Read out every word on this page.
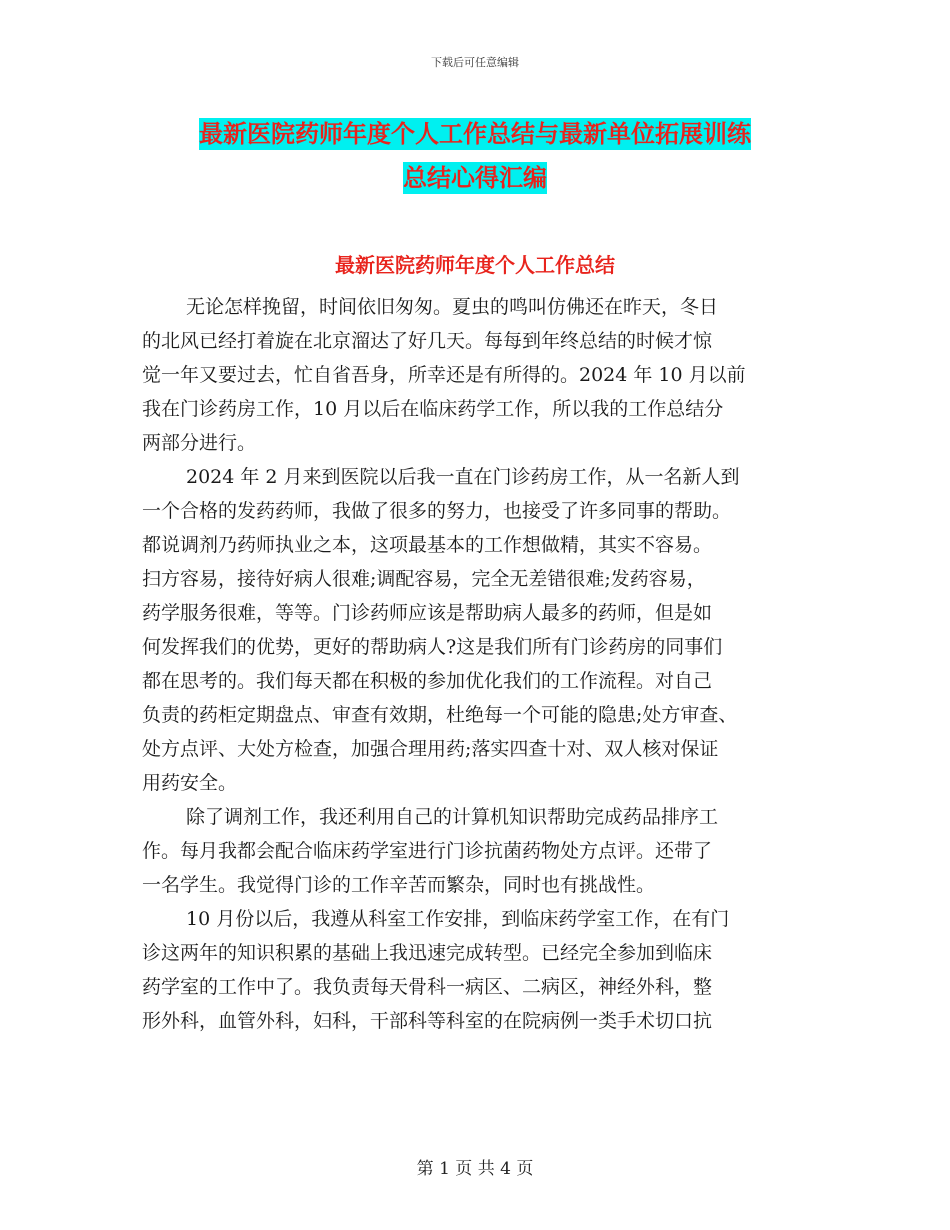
下载后可任意编辑
最新医院药师年度个人工作总结与最新单位拓展训练
总结心得汇编
最新医院药师年度个人工作总结
无论怎样挽留，时间依旧匆匆。夏虫的鸣叫仿佛还在昨天，冬日
的北风已经打着旋在北京溜达了好几天。每每到年终总结的时候才惊
觉一年又要过去，忙自省吾身，所幸还是有所得的。2024 年 10 月以前
我在门诊药房工作，10 月以后在临床药学工作，所以我的工作总结分
两部分进行。
2024 年 2 月来到医院以后我一直在门诊药房工作，从一名新人到
一个合格的发药药师，我做了很多的努力，也接受了许多同事的帮助。
都说调剂乃药师执业之本，这项最基本的工作想做精，其实不容易。
扫方容易，接待好病人很难;调配容易，完全无差错很难;发药容易，
药学服务很难，等等。门诊药师应该是帮助病人最多的药师，但是如
何发挥我们的优势，更好的帮助病人?这是我们所有门诊药房的同事们
都在思考的。我们每天都在积极的参加优化我们的工作流程。对自己
负责的药柜定期盘点、审查有效期，杜绝每一个可能的隐患;处方审查、
处方点评、大处方检查，加强合理用药;落实四查十对、双人核对保证
用药安全。
除了调剂工作，我还利用自己的计算机知识帮助完成药品排序工
作。每月我都会配合临床药学室进行门诊抗菌药物处方点评。还带了
一名学生。我觉得门诊的工作辛苦而繁杂，同时也有挑战性。
10 月份以后，我遵从科室工作安排，到临床药学室工作，在有门
诊这两年的知识积累的基础上我迅速完成转型。已经完全参加到临床
药学室的工作中了。我负责每天骨科一病区、二病区，神经外科，整
形外科，血管外科，妇科，干部科等科室的在院病例一类手术切口抗
第 1 页 共 4 页
